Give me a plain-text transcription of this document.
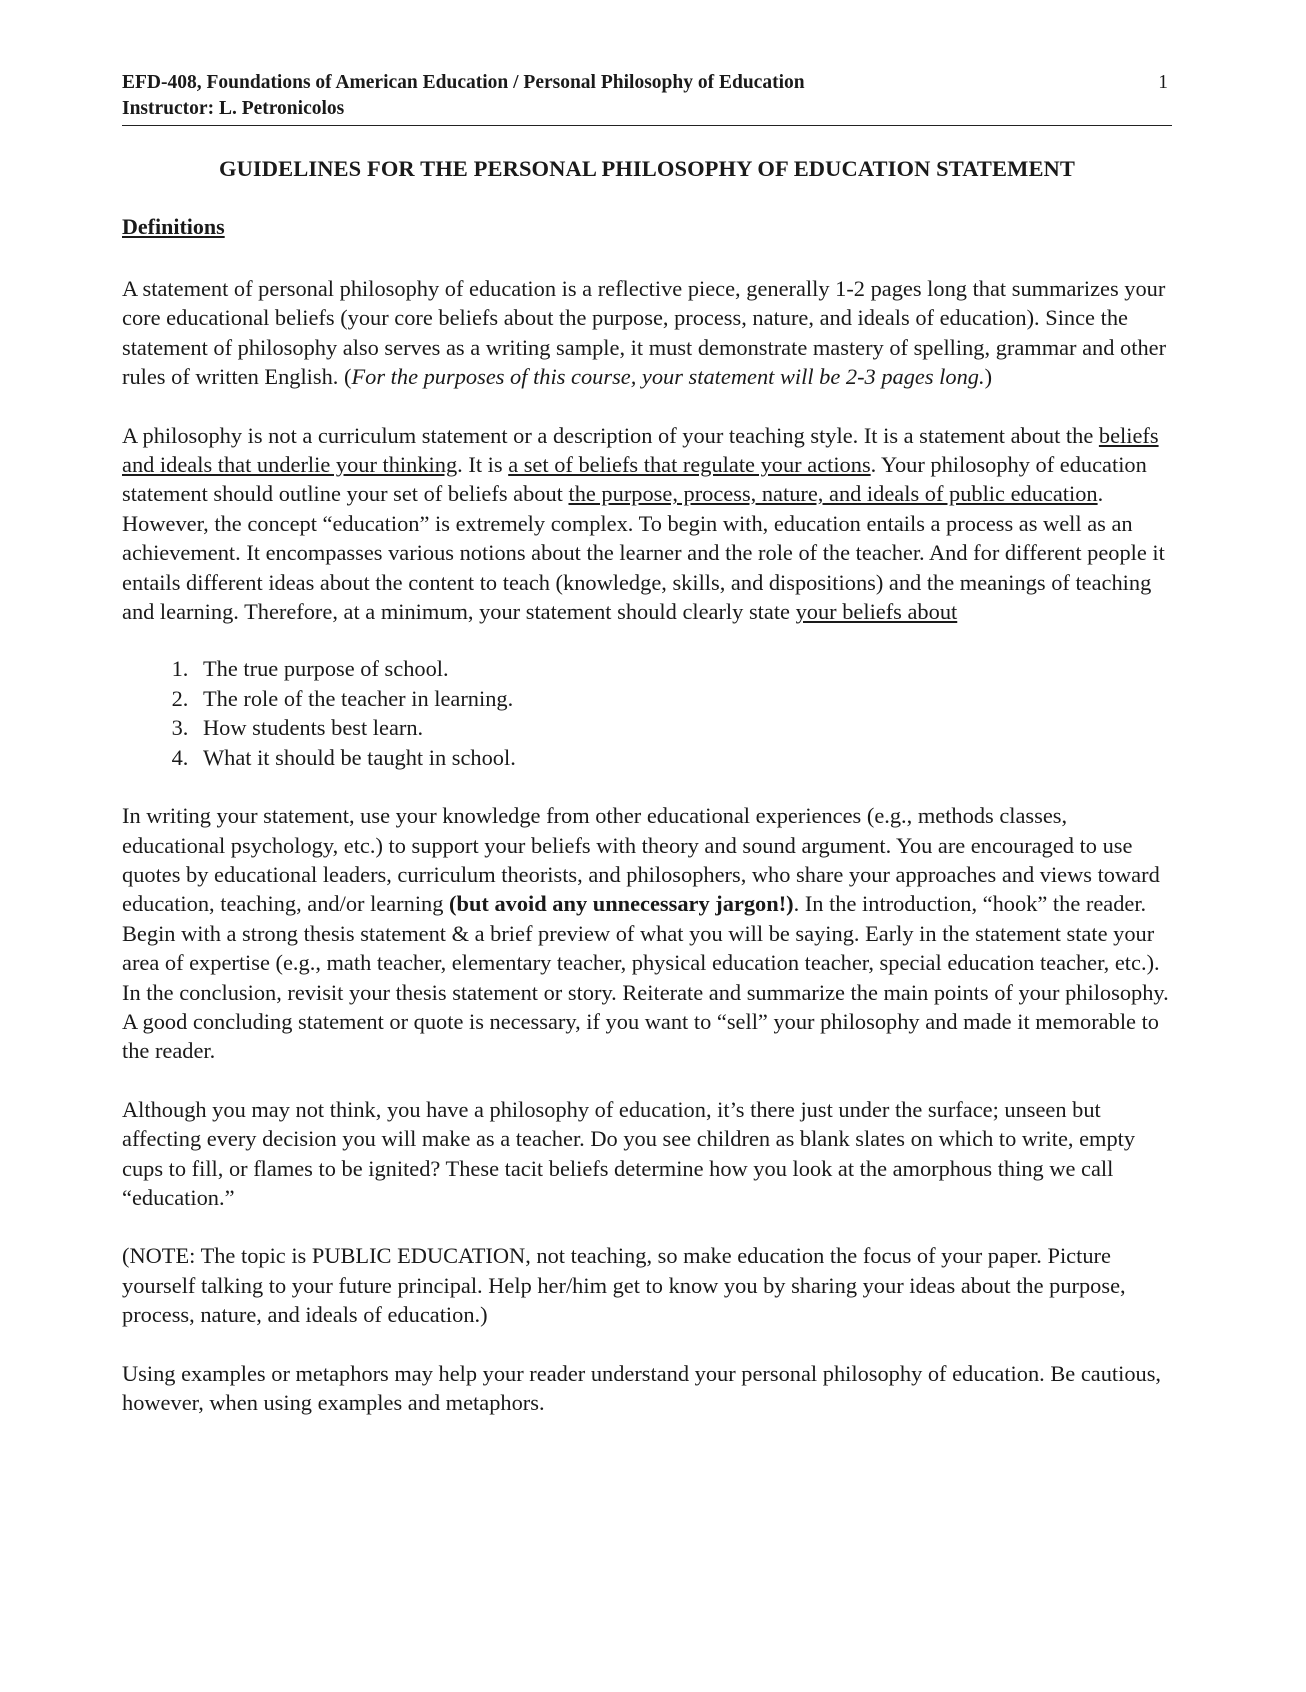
EFD-408, Foundations of American Education / Personal Philosophy of Education
Instructor: L. Petronicolos
1
GUIDELINES FOR THE PERSONAL PHILOSOPHY OF EDUCATION STATEMENT
Definitions

A statement of personal philosophy of education is a reflective piece, generally 1-2 pages long that summarizes your core educational beliefs (your core beliefs about the purpose, process, nature, and ideals of education). Since the statement of philosophy also serves as a writing sample, it must demonstrate mastery of spelling, grammar and other rules of written English. (For the purposes of this course, your statement will be 2-3 pages long.)

A philosophy is not a curriculum statement or a description of your teaching style. It is a statement about the beliefs and ideals that underlie your thinking. It is a set of beliefs that regulate your actions. Your philosophy of education statement should outline your set of beliefs about the purpose, process, nature, and ideals of public education. However, the concept “education” is extremely complex. To begin with, education entails a process as well as an achievement. It encompasses various notions about the learner and the role of the teacher. And for different people it entails different ideas about the content to teach (knowledge, skills, and dispositions) and the meanings of teaching and learning. Therefore, at a minimum, your statement should clearly state your beliefs about

1. The true purpose of school.
2. The role of the teacher in learning.
3. How students best learn.
4. What it should be taught in school.

In writing your statement, use your knowledge from other educational experiences (e.g., methods classes, educational psychology, etc.) to support your beliefs with theory and sound argument. You are encouraged to use quotes by educational leaders, curriculum theorists, and philosophers, who share your approaches and views toward education, teaching, and/or learning (but avoid any unnecessary jargon!). In the introduction, “hook” the reader. Begin with a strong thesis statement & a brief preview of what you will be saying. Early in the statement state your area of expertise (e.g., math teacher, elementary teacher, physical education teacher, special education teacher, etc.). In the conclusion, revisit your thesis statement or story. Reiterate and summarize the main points of your philosophy. A good concluding statement or quote is necessary, if you want to “sell” your philosophy and made it memorable to the reader.

Although you may not think, you have a philosophy of education, it’s there just under the surface; unseen but affecting every decision you will make as a teacher. Do you see children as blank slates on which to write, empty cups to fill, or flames to be ignited? These tacit beliefs determine how you look at the amorphous thing we call “education.”

(NOTE: The topic is PUBLIC EDUCATION, not teaching, so make education the focus of your paper. Picture yourself talking to your future principal. Help her/him get to know you by sharing your ideas about the purpose, process, nature, and ideals of education.)

Using examples or metaphors may help your reader understand your personal philosophy of education. Be cautious, however, when using examples and metaphors.
